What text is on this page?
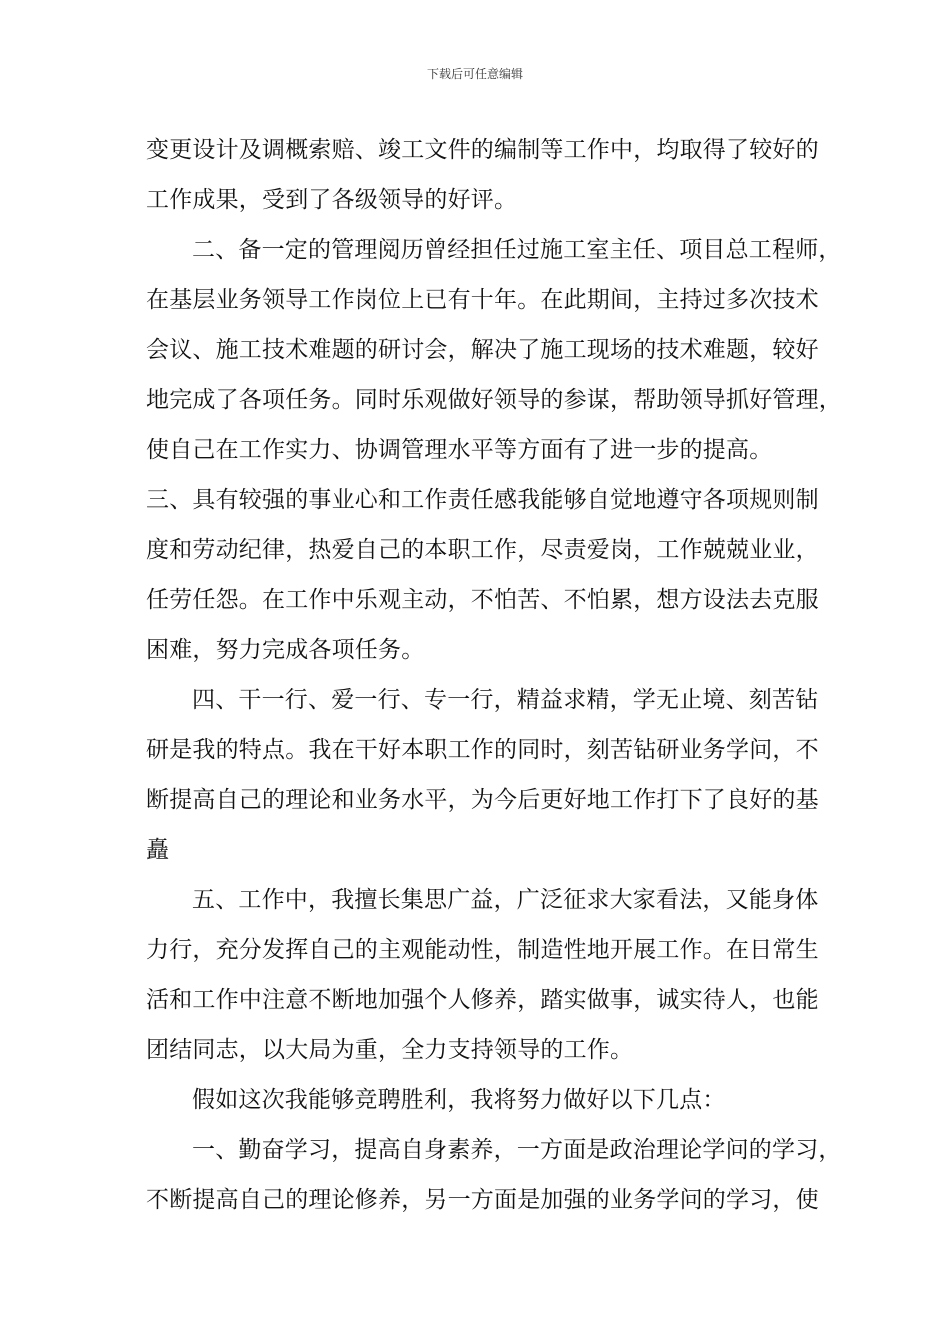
下载后可任意编辑
变更设计及调概索赔、竣工文件的编制等工作中，均取得了较好的
工作成果，受到了各级领导的好评。
二、备一定的管理阅历曾经担任过施工室主任、项目总工程师，
在基层业务领导工作岗位上已有十年。在此期间，主持过多次技术
会议、施工技术难题的研讨会，解决了施工现场的技术难题，较好
地完成了各项任务。同时乐观做好领导的参谋，帮助领导抓好管理，
使自己在工作实力、协调管理水平等方面有了进一步的提高。
三、具有较强的事业心和工作责任感我能够自觉地遵守各项规则制
度和劳动纪律，热爱自己的本职工作，尽责爱岗，工作兢兢业业，
任劳任怨。在工作中乐观主动，不怕苦、不怕累，想方设法去克服
困难，努力完成各项任务。
四、干一行、爱一行、专一行，精益求精，学无止境、刻苦钻
研是我的特点。我在干好本职工作的同时，刻苦钻研业务学问，不
断提高自己的理论和业务水平，为今后更好地工作打下了良好的基
矗
五、工作中，我擅长集思广益，广泛征求大家看法，又能身体
力行，充分发挥自己的主观能动性，制造性地开展工作。在日常生
活和工作中注意不断地加强个人修养，踏实做事，诚实待人，也能
团结同志，以大局为重，全力支持领导的工作。
假如这次我能够竞聘胜利，我将努力做好以下几点：
一、勤奋学习，提高自身素养，一方面是政治理论学问的学习，
不断提高自己的理论修养，另一方面是加强的业务学问的学习，使
